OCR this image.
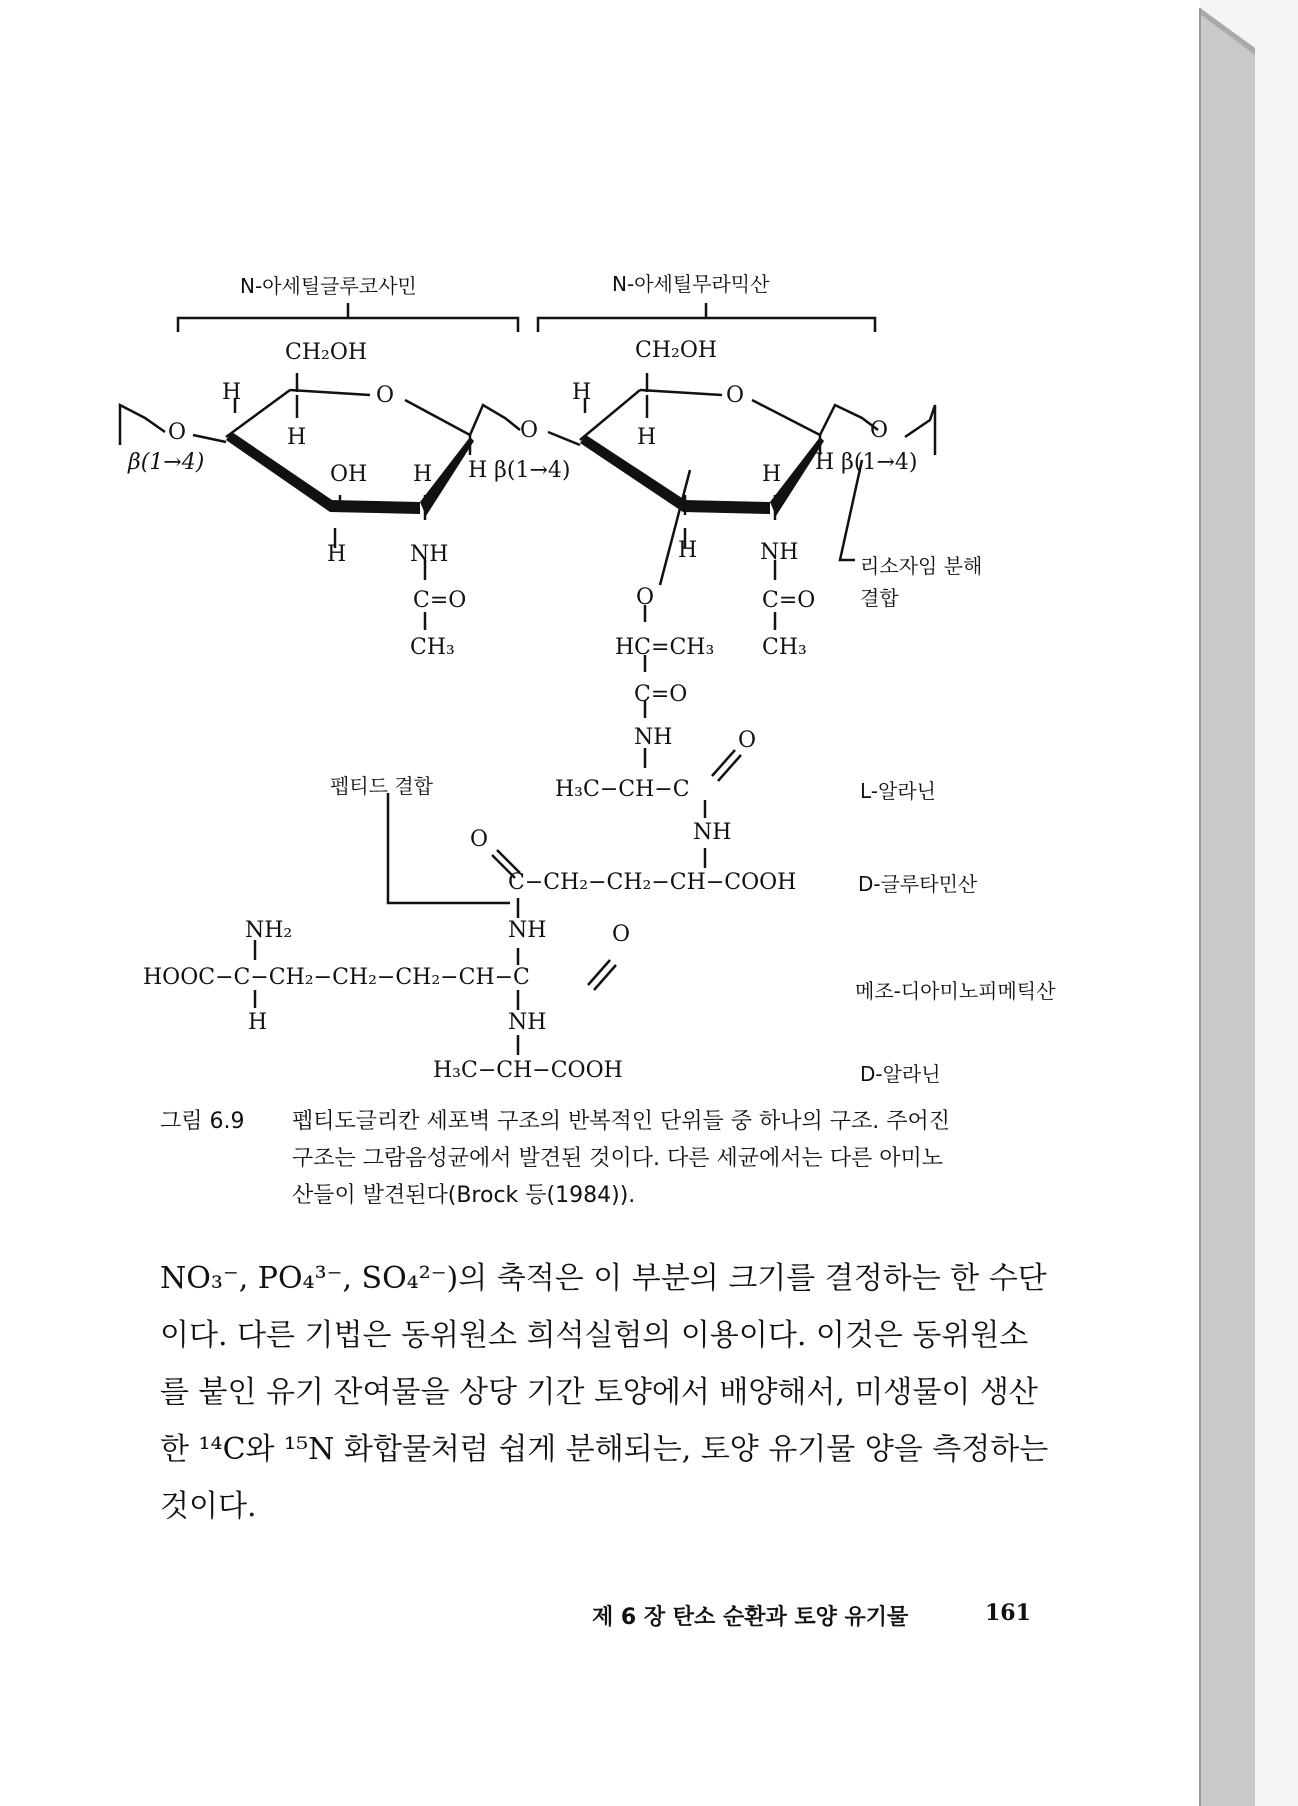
N-아세틸글루코사민	N-아세틸무라믹산
CH₂OH	CH₂OH
O	O
O	O	O
H
H
OH H
H	NH
C=O
CH₃
β(1→4)	H β(1→4)
H
H
H
H	NH
C=O
CH₃
H β(1→4)
리소자임 분해
결합
O
HC=CH₃
C=O
NH	O
펩티드 결합	H₃C−CH−C	L-알라닌
NH
O
C−CH₂−CH₂−CH−COOH	D-글루타민산
NH
NH₂	O
HOOC−C−CH₂−CH₂−CH₂−CH−C
메조-디아미노피메틱산
H	NH
H₃C−CH−COOH	D-알라닌
그림 6.9 펩티도글리칸 세포벽 구조의 반복적인 단위들 중 하나의 구조. 주어진
구조는 그람음성균에서 발견된 것이다. 다른 세균에서는 다른 아미노
산들이 발견된다(Brock 등(1984)).
NO₃⁻, PO₄³⁻, SO₄²⁻)의 축적은 이 부분의 크기를 결정하는 한 수단
이다. 다른 기법은 동위원소 희석실험의 이용이다. 이것은 동위원소
를 붙인 유기 잔여물을 상당 기간 토양에서 배양해서, 미생물이 생산
한 ¹⁴C와 ¹⁵N 화합물처럼 쉽게 분해되는, 토양 유기물 양을 측정하는
것이다.
제 6 장 탄소 순환과 토양 유기물	161
